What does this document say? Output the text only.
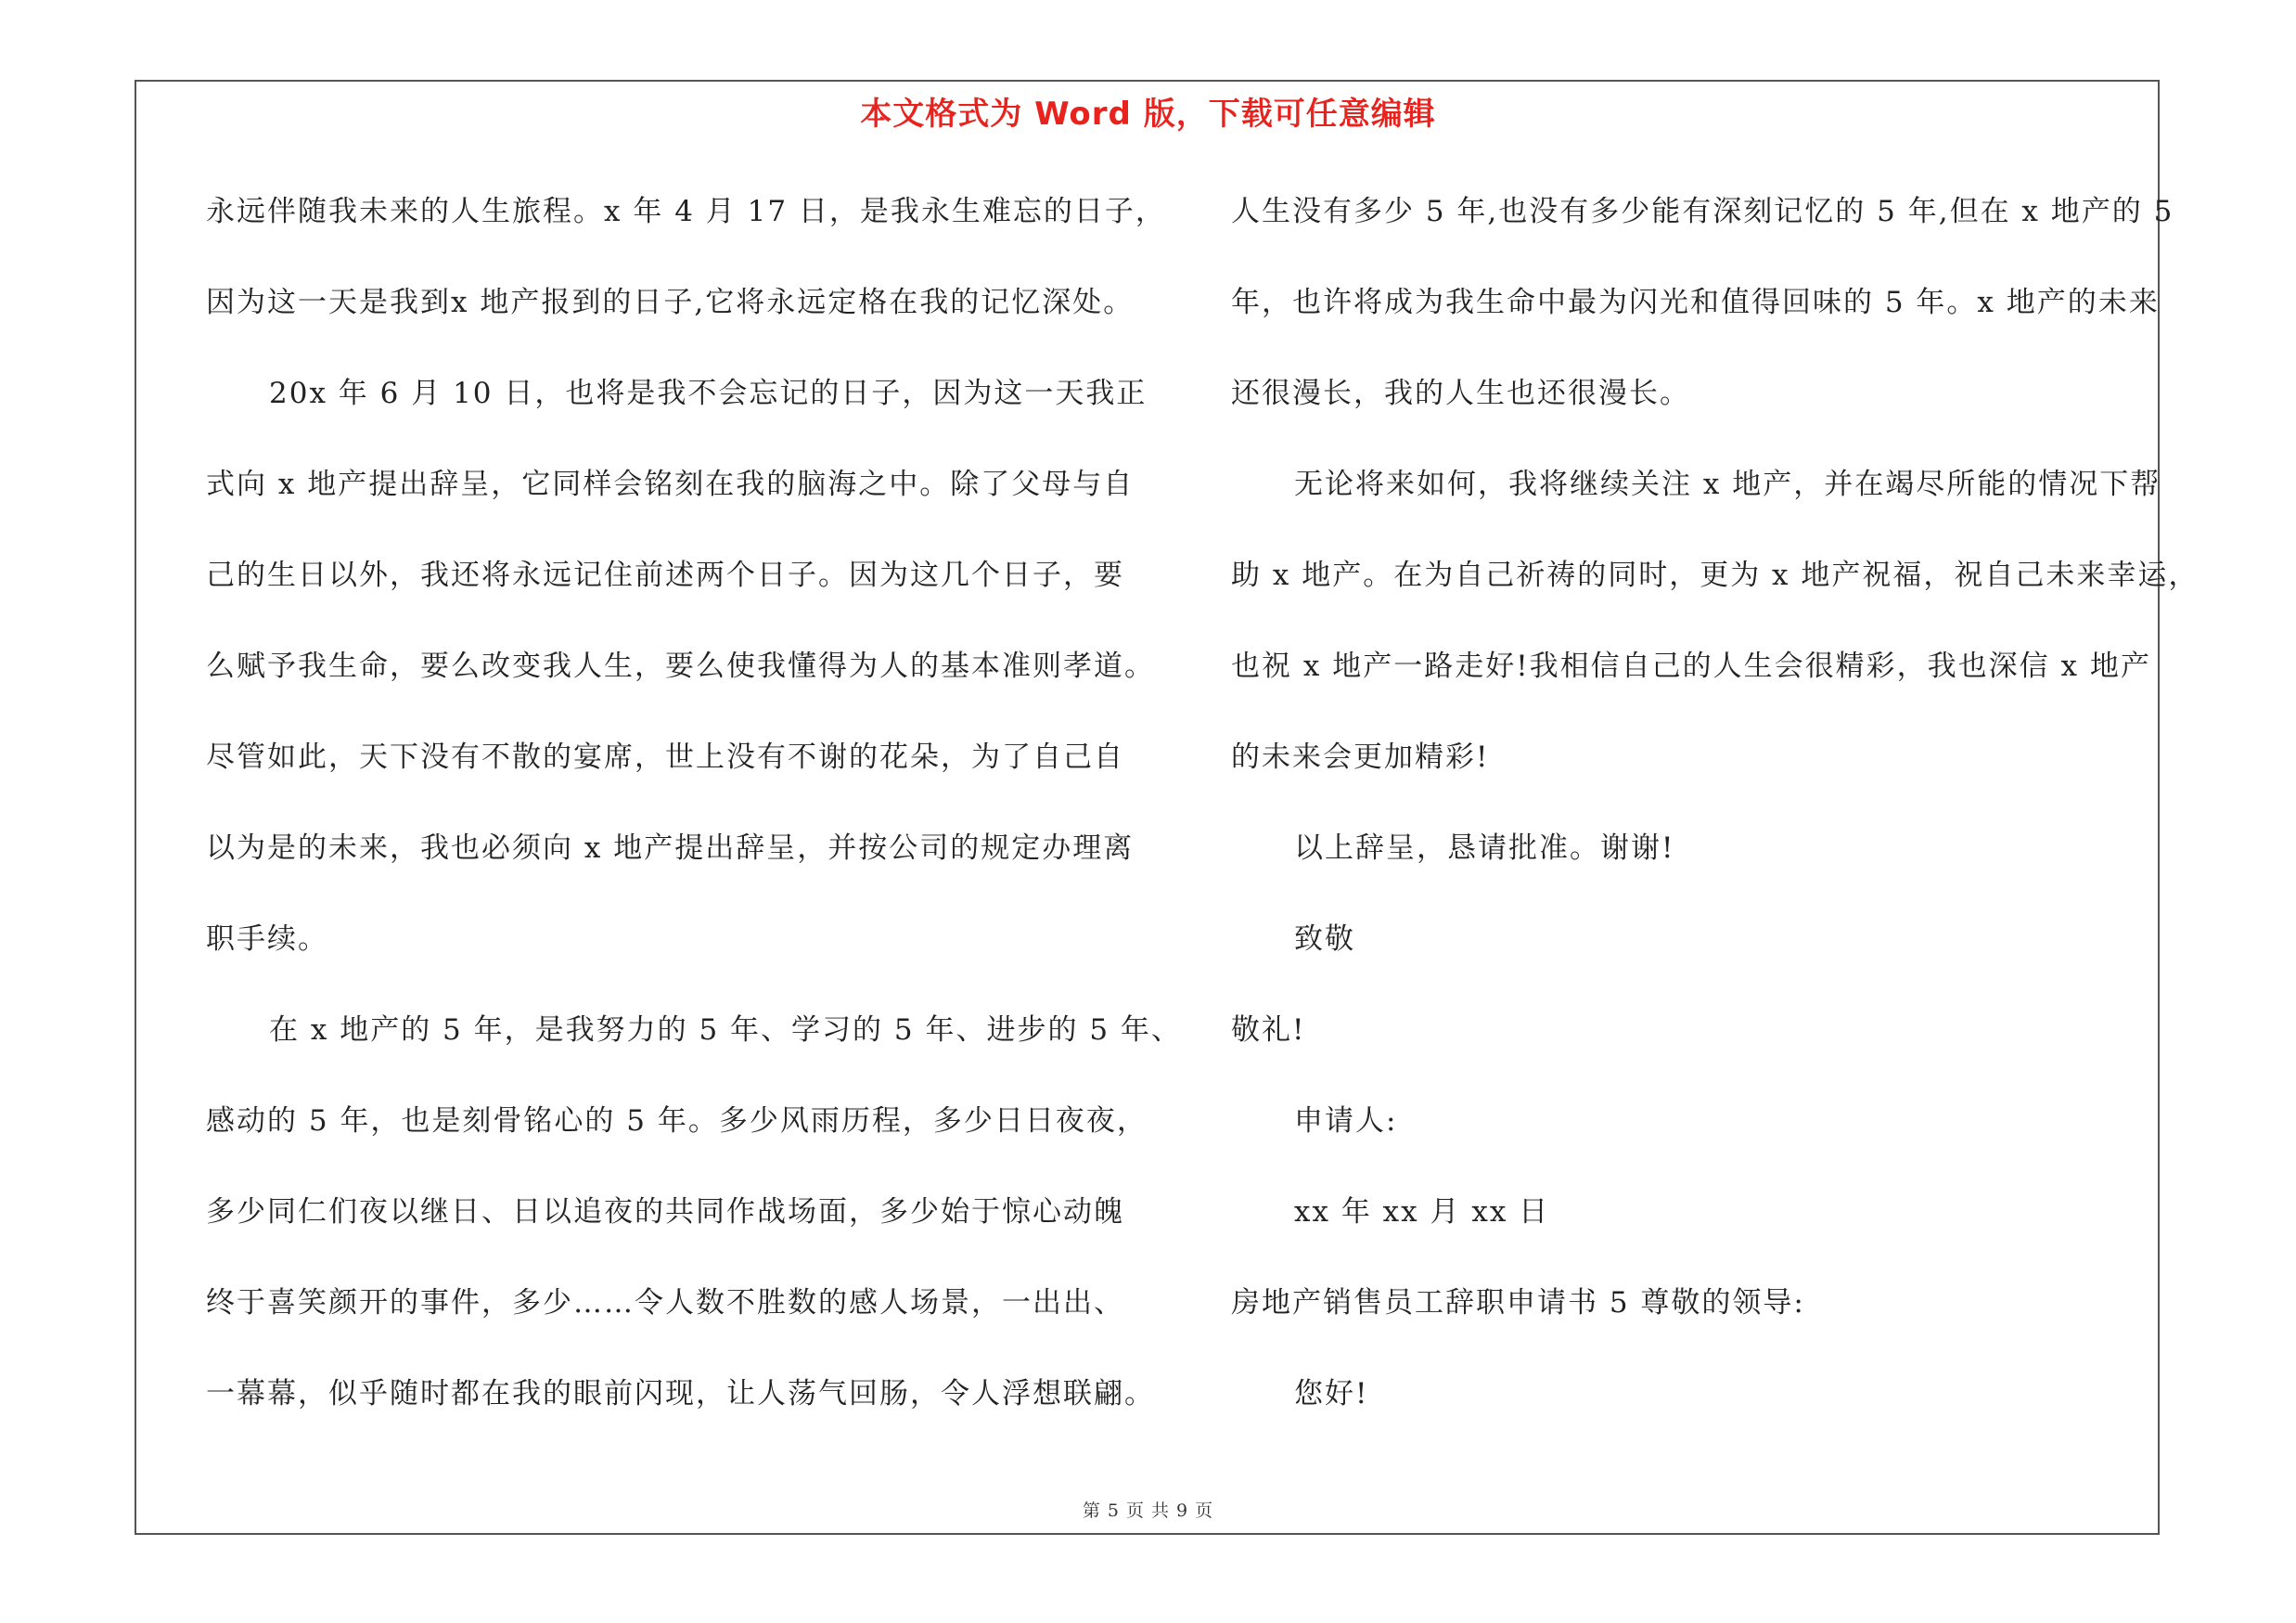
本文格式为 Word 版，下载可任意编辑
永远伴随我未来的人生旅程。x 年 4 月 17 日，是我永生难忘的日子，
因为这一天是我到x 地产报到的日子,它将永远定格在我的记忆深处。
20x 年 6 月 10 日，也将是我不会忘记的日子，因为这一天我正
式向 x 地产提出辞呈，它同样会铭刻在我的脑海之中。除了父母与自
己的生日以外，我还将永远记住前述两个日子。因为这几个日子，要
么赋予我生命，要么改变我人生，要么使我懂得为人的基本准则孝道。
尽管如此，天下没有不散的宴席，世上没有不谢的花朵，为了自己自
以为是的未来，我也必须向 x 地产提出辞呈，并按公司的规定办理离
职手续。
在 x 地产的 5 年，是我努力的 5 年、学习的 5 年、进步的 5 年、
感动的 5 年，也是刻骨铭心的 5 年。多少风雨历程，多少日日夜夜，
多少同仁们夜以继日、日以追夜的共同作战场面，多少始于惊心动魄
终于喜笑颜开的事件，多少……令人数不胜数的感人场景，一出出、
一幕幕，似乎随时都在我的眼前闪现，让人荡气回肠，令人浮想联翩。
人生没有多少 5 年,也没有多少能有深刻记忆的 5 年,但在 x 地产的 5
年，也许将成为我生命中最为闪光和值得回味的 5 年。x 地产的未来
还很漫长，我的人生也还很漫长。
无论将来如何，我将继续关注 x 地产，并在竭尽所能的情况下帮
助 x 地产。在为自己祈祷的同时，更为 x 地产祝福，祝自己未来幸运，
也祝 x 地产一路走好!我相信自己的人生会很精彩，我也深信 x 地产
的未来会更加精彩!
以上辞呈，恳请批准。谢谢!
致敬
敬礼!
申请人:
xx 年 xx 月 xx 日
房地产销售员工辞职申请书 5 尊敬的领导:
您好!
第 5 页 共 9 页
